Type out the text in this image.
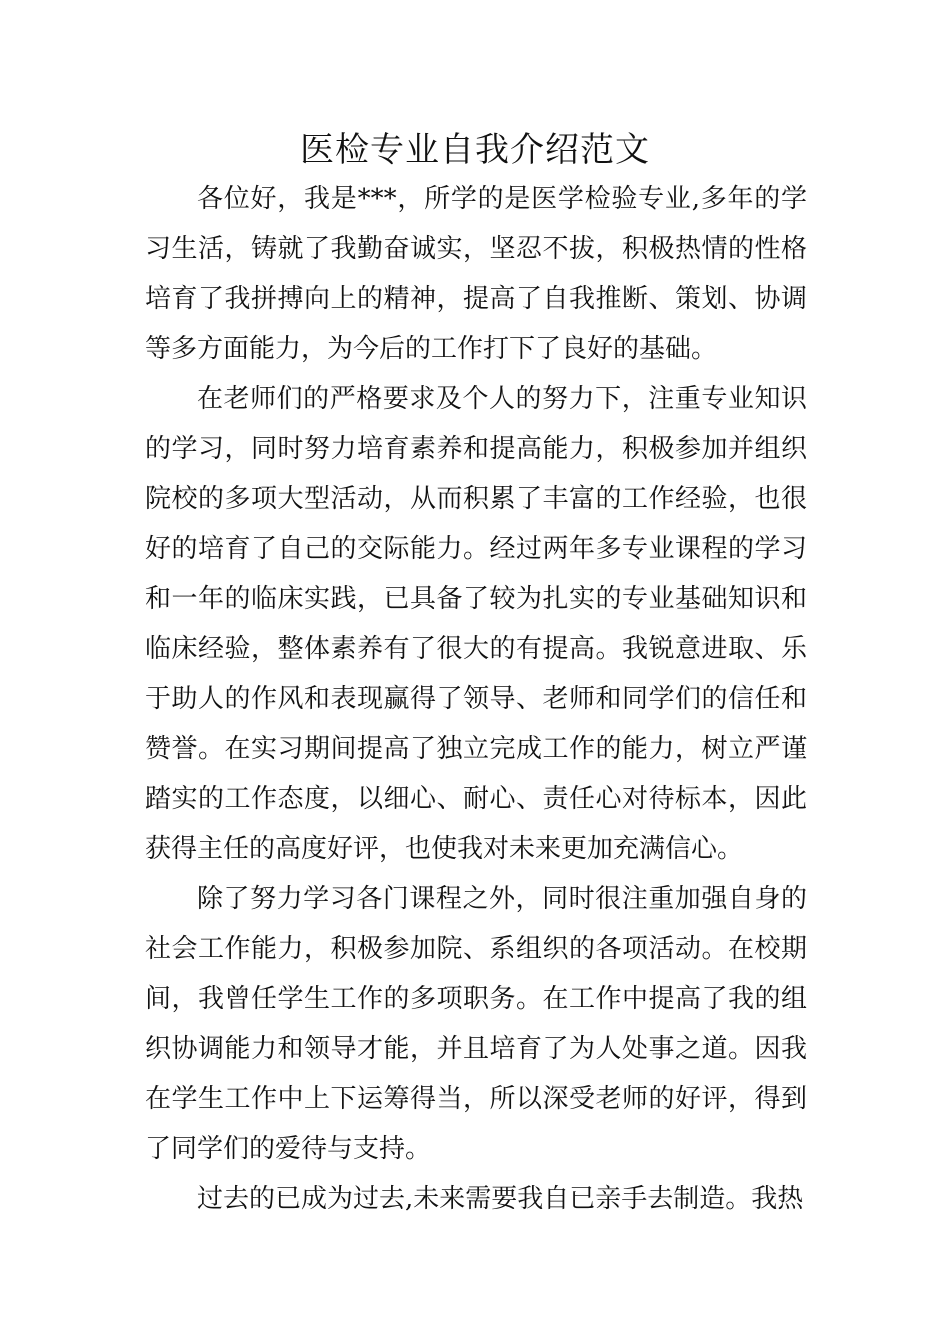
医检专业自我介绍范文

各位好，我是***，所学的是医学检验专业,多年的学习生活，铸就了我勤奋诚实，坚忍不拔，积极热情的性格培育了我拼搏向上的精神，提高了自我推断、策划、协调等多方面能力，为今后的工作打下了良好的基础。

在老师们的严格要求及个人的努力下，注重专业知识的学习，同时努力培育素养和提高能力，积极参加并组织院校的多项大型活动，从而积累了丰富的工作经验，也很好的培育了自己的交际能力。经过两年多专业课程的学习和一年的临床实践，已具备了较为扎实的专业基础知识和临床经验，整体素养有了很大的有提高。我锐意进取、乐于助人的作风和表现赢得了领导、老师和同学们的信任和赞誉。在实习期间提高了独立完成工作的能力，树立严谨踏实的工作态度，以细心、耐心、责任心对待标本，因此获得主任的高度好评，也使我对未来更加充满信心。

除了努力学习各门课程之外，同时很注重加强自身的社会工作能力，积极参加院、系组织的各项活动。在校期间，我曾任学生工作的多项职务。在工作中提高了我的组织协调能力和领导才能，并且培育了为人处事之道。因我在学生工作中上下运筹得当，所以深受老师的好评，得到了同学们的爱待与支持。

过去的已成为过去,未来需要我自已亲手去制造。我热
